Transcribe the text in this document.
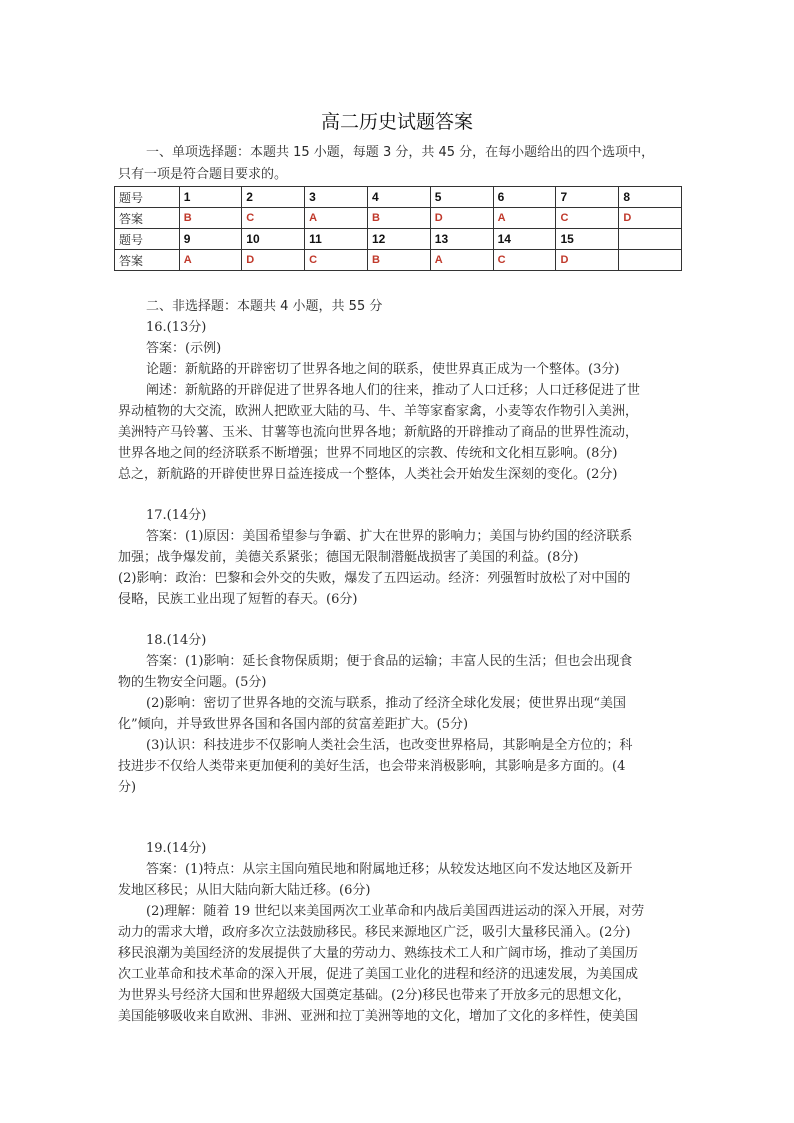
高二历史试题答案
一、单项选择题：本题共 15 小题，每题 3 分，共 45 分，在每小题给出的四个选项中，
只有一项是符合题目要求的。
题号	1	2	3	4	5	6	7	8
答案	B	C	A	B	D	A	C	D
题号	9	10	11	12	13	14	15	
答案	A	D	C	B	A	C	D	
二、非选择题：本题共 4 小题，共 55 分
16.(13分)
答案：(示例)
论题：新航路的开辟密切了世界各地之间的联系，使世界真正成为一个整体。(3分)
阐述：新航路的开辟促进了世界各地人们的往来，推动了人口迁移；人口迁移促进了世
界动植物的大交流，欧洲人把欧亚大陆的马、牛、羊等家畜家禽，小麦等农作物引入美洲，
美洲特产马铃薯、玉米、甘薯等也流向世界各地；新航路的开辟推动了商品的世界性流动，
世界各地之间的经济联系不断增强；世界不同地区的宗教、传统和文化相互影响。(8分)
总之，新航路的开辟使世界日益连接成一个整体，人类社会开始发生深刻的变化。(2分)
17.(14分)
答案：(1)原因：美国希望参与争霸、扩大在世界的影响力；美国与协约国的经济联系
加强；战争爆发前，美德关系紧张；德国无限制潜艇战损害了美国的利益。(8分)
(2)影响：政治：巴黎和会外交的失败，爆发了五四运动。经济：列强暂时放松了对中国的
侵略，民族工业出现了短暂的春天。(6分)
18.(14分)
答案：(1)影响：延长食物保质期；便于食品的运输；丰富人民的生活；但也会出现食
物的生物安全问题。(5分)
(2)影响：密切了世界各地的交流与联系，推动了经济全球化发展；使世界出现“美国
化”倾向，并导致世界各国和各国内部的贫富差距扩大。(5分)
(3)认识：科技进步不仅影响人类社会生活，也改变世界格局，其影响是全方位的；科
技进步不仅给人类带来更加便利的美好生活，也会带来消极影响，其影响是多方面的。(4
分)
19.(14分)
答案：(1)特点：从宗主国向殖民地和附属地迁移；从较发达地区向不发达地区及新开
发地区移民；从旧大陆向新大陆迁移。(6分)
(2)理解：随着 19 世纪以来美国两次工业革命和内战后美国西进运动的深入开展，对劳
动力的需求大增，政府多次立法鼓励移民。移民来源地区广泛，吸引大量移民涌入。(2分)
移民浪潮为美国经济的发展提供了大量的劳动力、熟练技术工人和广阔市场，推动了美国历
次工业革命和技术革命的深入开展，促进了美国工业化的进程和经济的迅速发展，为美国成
为世界头号经济大国和世界超级大国奠定基础。(2分)移民也带来了开放多元的思想文化，
美国能够吸收来自欧洲、非洲、亚洲和拉丁美洲等地的文化，增加了文化的多样性，使美国
